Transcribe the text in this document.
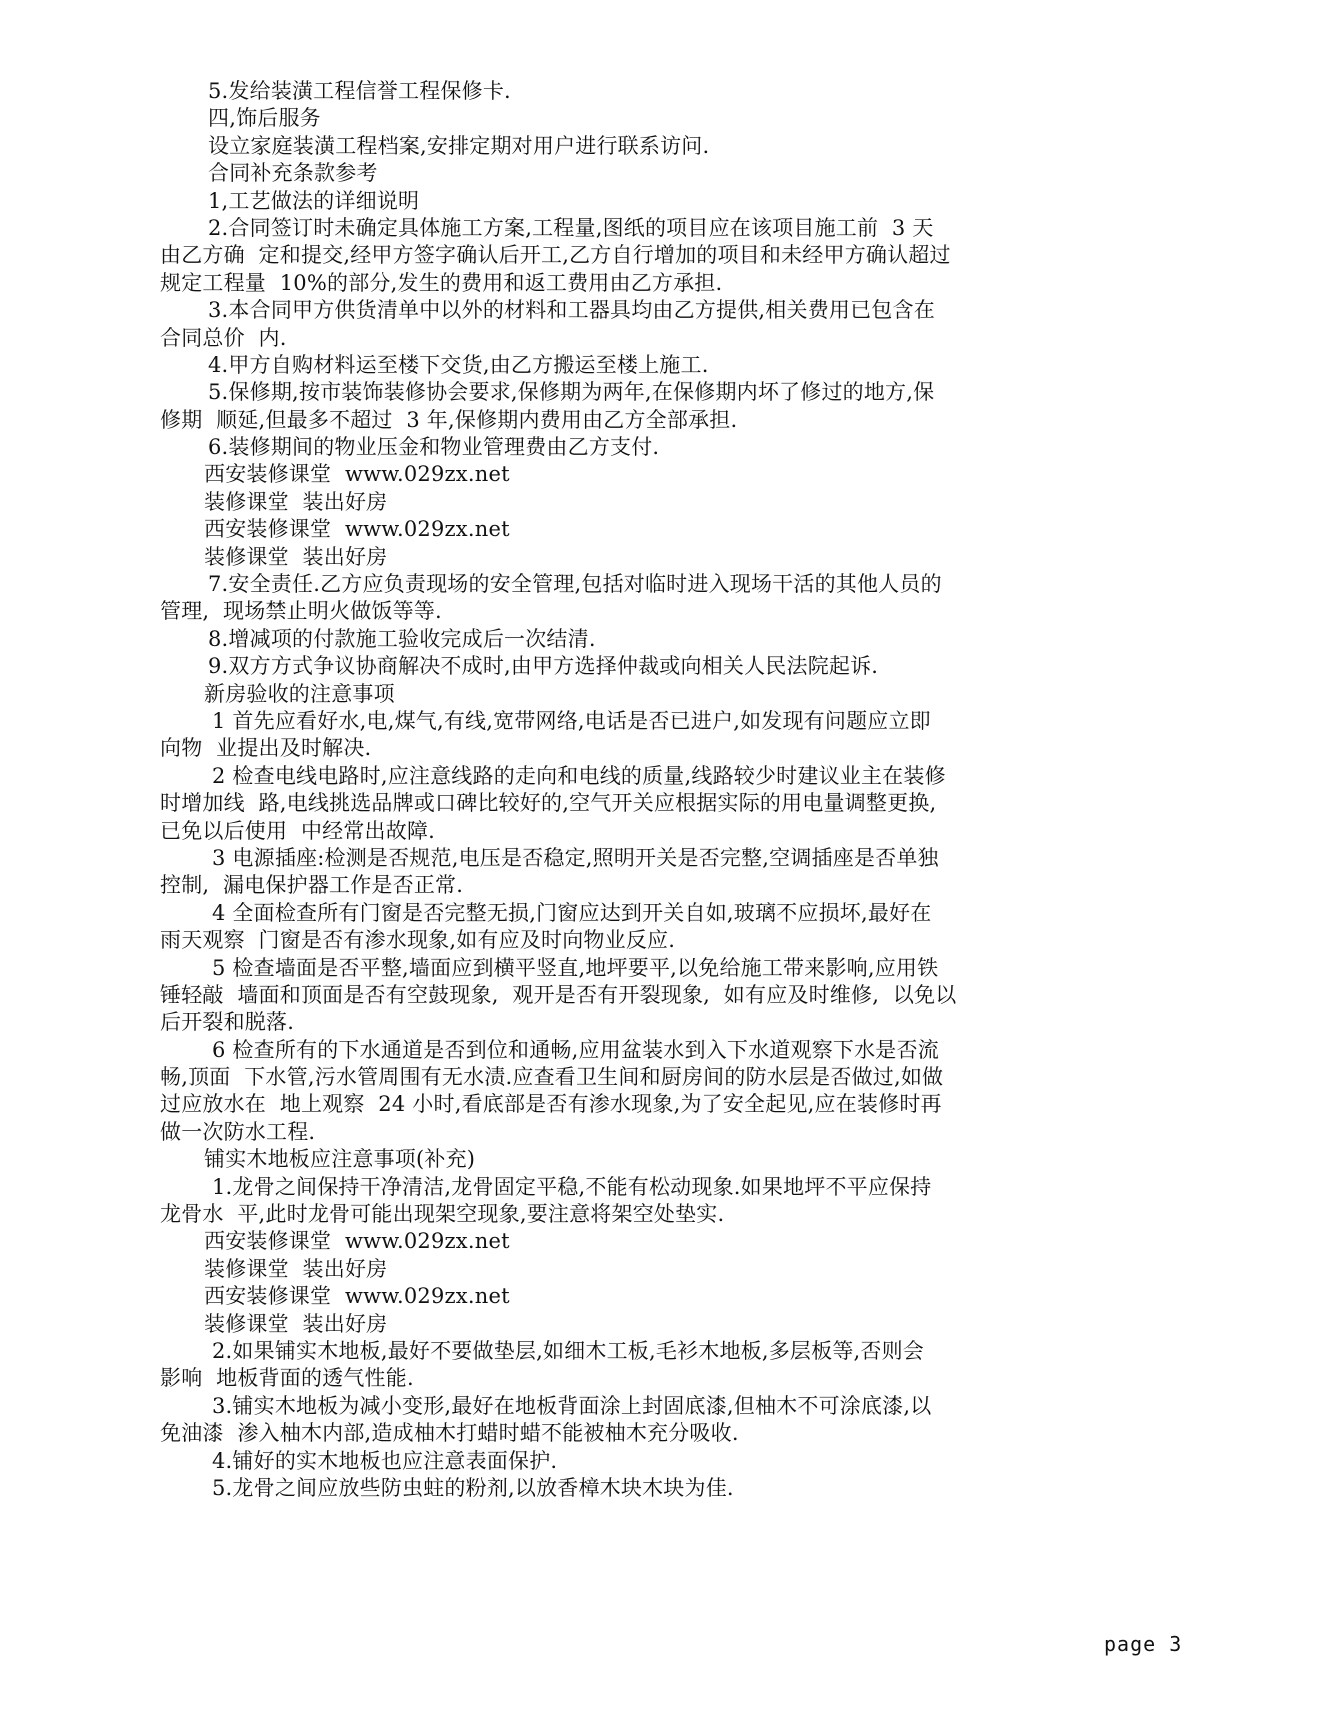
5.发给装潢工程信誉工程保修卡.
四,饰后服务
设立家庭装潢工程档案,安排定期对用户进行联系访问.
合同补充条款参考
1,工艺做法的详细说明
2.合同签订时未确定具体施工方案,工程量,图纸的项目应在该项目施工前  3 天
由乙方确  定和提交,经甲方签字确认后开工,乙方自行增加的项目和未经甲方确认超过
规定工程量  10%的部分,发生的费用和返工费用由乙方承担.
3.本合同甲方供货清单中以外的材料和工器具均由乙方提供,相关费用已包含在
合同总价  内.
4.甲方自购材料运至楼下交货,由乙方搬运至楼上施工.
5.保修期,按市装饰装修协会要求,保修期为两年,在保修期内坏了修过的地方,保
修期  顺延,但最多不超过  3 年,保修期内费用由乙方全部承担.
6.装修期间的物业压金和物业管理费由乙方支付.
西安装修课堂  www.029zx.net
装修课堂  装出好房
西安装修课堂  www.029zx.net
装修课堂  装出好房
7.安全责任.乙方应负责现场的安全管理,包括对临时进入现场干活的其他人员的
管理,  现场禁止明火做饭等等.
8.增减项的付款施工验收完成后一次结清.
9.双方方式争议协商解决不成时,由甲方选择仲裁或向相关人民法院起诉.
新房验收的注意事项
1 首先应看好水,电,煤气,有线,宽带网络,电话是否已进户,如发现有问题应立即
向物  业提出及时解决.
2 检查电线电路时,应注意线路的走向和电线的质量,线路较少时建议业主在装修
时增加线  路,电线挑选品牌或口碑比较好的,空气开关应根据实际的用电量调整更换,
已免以后使用  中经常出故障.
3 电源插座:检测是否规范,电压是否稳定,照明开关是否完整,空调插座是否单独
控制,  漏电保护器工作是否正常.
4 全面检查所有门窗是否完整无损,门窗应达到开关自如,玻璃不应损坏,最好在
雨天观察  门窗是否有渗水现象,如有应及时向物业反应.
5 检查墙面是否平整,墙面应到横平竖直,地坪要平,以免给施工带来影响,应用铁
锤轻敲  墙面和顶面是否有空鼓现象,  观开是否有开裂现象,  如有应及时维修,  以免以
后开裂和脱落.
6 检查所有的下水通道是否到位和通畅,应用盆装水到入下水道观察下水是否流
畅,顶面  下水管,污水管周围有无水渍.应查看卫生间和厨房间的防水层是否做过,如做
过应放水在  地上观察  24 小时,看底部是否有渗水现象,为了安全起见,应在装修时再
做一次防水工程.
铺实木地板应注意事项(补充)
1.龙骨之间保持干净清洁,龙骨固定平稳,不能有松动现象.如果地坪不平应保持
龙骨水  平,此时龙骨可能出现架空现象,要注意将架空处垫实.
西安装修课堂  www.029zx.net
装修课堂  装出好房
西安装修课堂  www.029zx.net
装修课堂  装出好房
2.如果铺实木地板,最好不要做垫层,如细木工板,毛衫木地板,多层板等,否则会
影响  地板背面的透气性能.
3.铺实木地板为减小变形,最好在地板背面涂上封固底漆,但柚木不可涂底漆,以
免油漆  渗入柚木内部,造成柚木打蜡时蜡不能被柚木充分吸收.
4.铺好的实木地板也应注意表面保护.
5.龙骨之间应放些防虫蛀的粉剂,以放香樟木块木块为佳.
page 3
